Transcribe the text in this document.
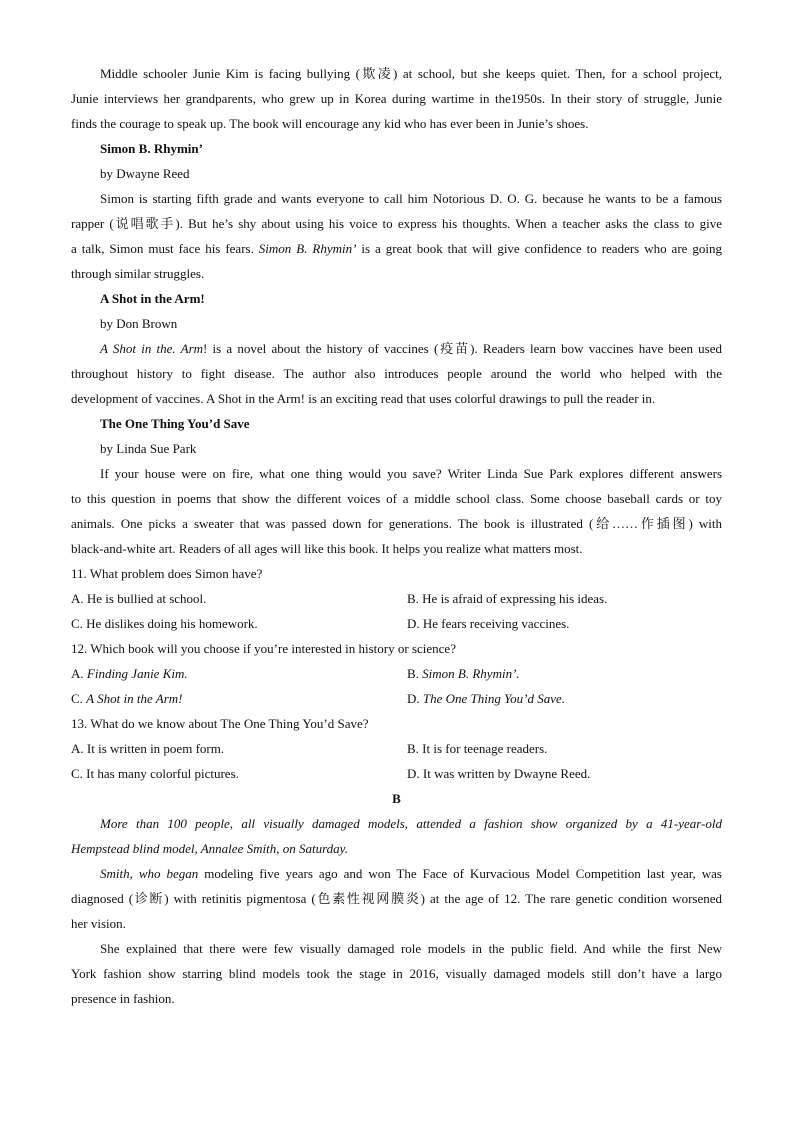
Middle schooler Junie Kim is facing bullying (欺凌) at school, but she keeps quiet. Then, for a school project,
Junie interviews her grandparents, who grew up in Korea during wartime in the1950s. In their story of struggle, Junie
finds the courage to speak up. The book will encourage any kid who has ever been in Junie’s shoes.
Simon B. Rhymin’
by Dwayne Reed
Simon is starting fifth grade and wants everyone to call him Notorious D. O. G. because he wants to be a famous
rapper (说唱歌手). But he’s shy about using his voice to express his thoughts. When a teacher asks the class to give
a talk, Simon must face his fears. Simon B. Rhymin’ is a great book that will give confidence to readers who are going
through similar struggles.
A Shot in the Arm!
by Don Brown
A Shot in the. Arm! is a novel about the history of vaccines (疫苗). Readers learn bow vaccines have been used
throughout history to fight disease. The author also introduces people around the world who helped with the
development of vaccines. A Shot in the Arm! is an exciting read that uses colorful drawings to pull the reader in.
The One Thing You’d Save
by Linda Sue Park
If your house were on fire, what one thing would you save? Writer Linda Sue Park explores different answers
to this question in poems that show the different voices of a middle school class. Some choose baseball cards or toy
animals. One picks a sweater that was passed down for generations. The book is illustrated (给……作插图) with
black-and-white art. Readers of all ages will like this book. It helps you realize what matters most.
11. What problem does Simon have?
A. He is bullied at school.	B. He is afraid of expressing his ideas.
C. He dislikes doing his homework.	D. He fears receiving vaccines.
12. Which book will you choose if you’re interested in history or science?
A. Finding Janie Kim.	B. Simon B. Rhymin’.
C. A Shot in the Arm!	D. The One Thing You’d Save.
13. What do we know about The One Thing You’d Save?
A. It is written in poem form.	B. It is for teenage readers.
C. It has many colorful pictures.	D. It was written by Dwayne Reed.
B
More than 100 people, all visually damaged models, attended a fashion show organized by a 41-year-old
Hempstead blind model, Annalee Smith, on Saturday.
Smith, who began modeling five years ago and won The Face of Kurvacious Model Competition last year, was
diagnosed (诊断) with retinitis pigmentosa (色素性视网膜炎) at the age of 12. The rare genetic condition worsened
her vision.
She explained that there were few visually damaged role models in the public field. And while the first New
York fashion show starring blind models took the stage in 2016, visually damaged models still don’t have a largo
presence in fashion.
